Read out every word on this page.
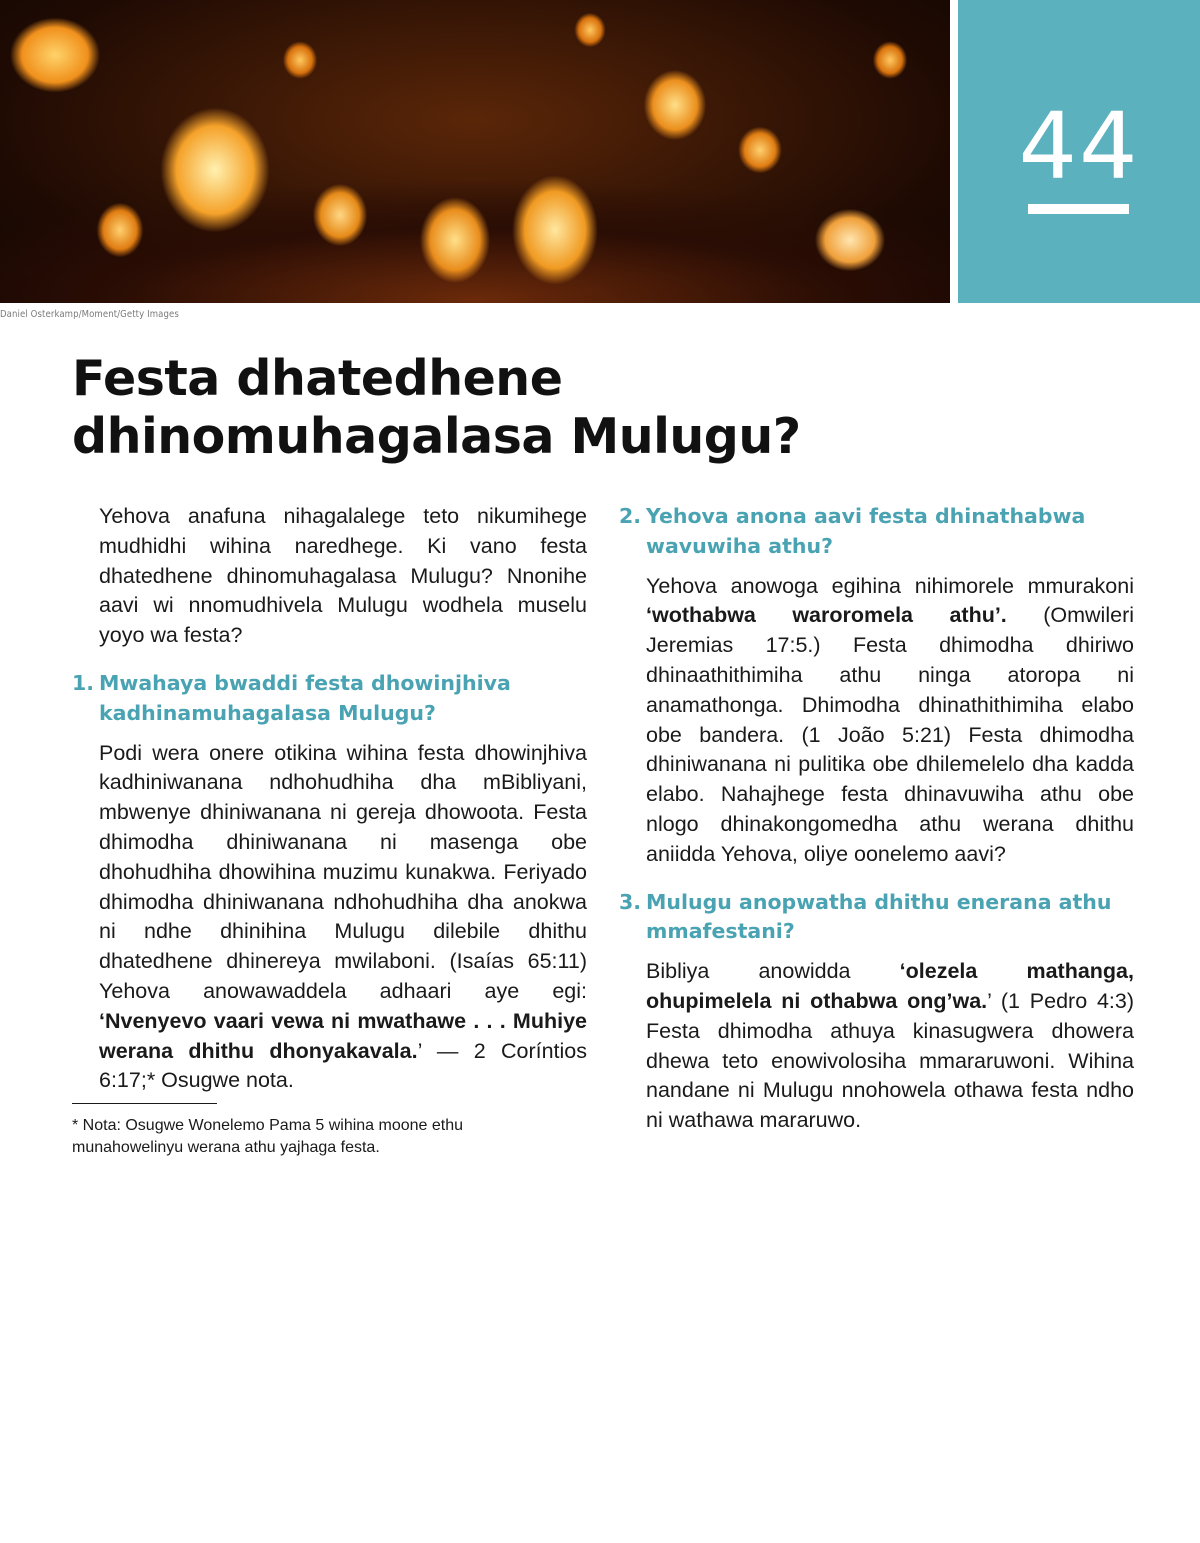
44
Daniel Osterkamp/Moment/Getty Images
Festa dhatedhene
dhinomuhagalasa Mulugu?

Yehova anafuna nihagalalege teto nikumihege mudhidhi wihina naredhege. Ki vano festa dhatedhene dhinomuhagalasa Mulugu? Nnonihe aavi wi nnomudhivela Mulugu wodhela muselu yoyo wa festa?

1. Mwahaya bwaddi festa dhowinjhiva kadhinamuhagalasa Mulugu?

Podi wera onere otikina wihina festa dhowinjhiva kadhiniwanana ndhohudhiha dha mBibliyani, mbwenye dhiniwanana ni gereja dhowoota. Festa dhimodha dhiniwanana ni masenga obe dhohudhiha dhowihina muzimu kunakwa. Feriyado dhimodha dhiniwanana ndhohudhiha dha anokwa ni ndhe dhinihina Mulugu dilebile dhithu dhatedhene dhinereya mwilaboni. (Isaías 65:11) Yehova anowawaddela adhaari aye egi: ‘Nvenyevo vaari vewa ni mwathawe . . . Muhiye werana dhithu dhonyakavala.’ — 2 Coríntios 6:17;* Osugwe nota.

* Nota: Osugwe Wonelemo Pama 5 wihina moone ethu munahowelinyu werana athu yajhaga festa.

2. Yehova anona aavi festa dhinathabwa wavuwiha athu?

Yehova anowoga egihina nihimorele mmurakoni ‘wothabwa waroromela athu’. (Omwileri Jeremias 17:5.) Festa dhimodha dhiriwo dhinaathithimiha athu ninga atoropa ni anamathonga. Dhimodha dhinathithimiha elabo obe bandera. (1 João 5:21) Festa dhimodha dhiniwanana ni pulitika obe dhilemelelo dha kadda elabo. Nahajhege festa dhinavuwiha athu obe nlogo dhinakongomedha athu werana dhithu aniidda Yehova, oliye oonelemo aavi?

3. Mulugu anopwatha dhithu enerana athu mmafestani?

Bibliya anowidda ‘olezela mathanga, ohupimelela ni othabwa ong’wa.’ (1 Pedro 4:3) Festa dhimodha athuya kinasugwera dhowera dhewa teto enowivolosiha mmararuwoni. Wihina nandane ni Mulugu nnohowela othawa festa ndho ni wathawa mararuwo.
